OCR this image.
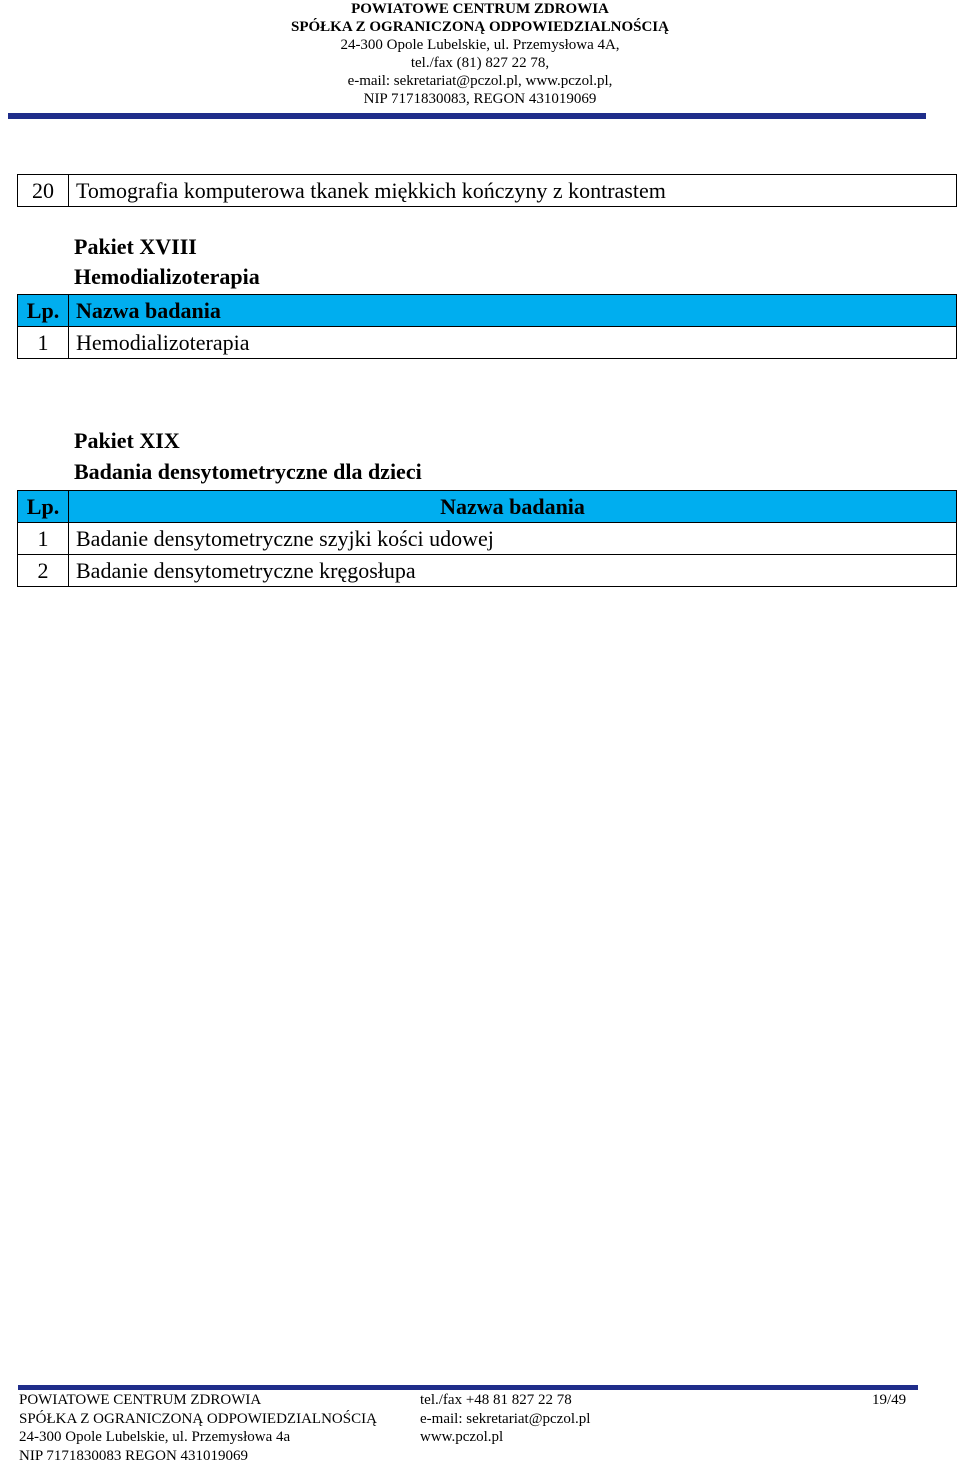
POWIATOWE CENTRUM ZDROWIA
SPÓŁKA Z OGRANICZONĄ ODPOWIEDZIALNOŚCIĄ
24-300 Opole Lubelskie, ul. Przemysłowa 4A,
tel./fax (81) 827 22 78,
e-mail: sekretariat@pczol.pl, www.pczol.pl,
NIP 7171830083, REGON 431019069
20	Tomografia komputerowa tkanek miękkich kończyny z kontrastem
Pakiet XVIII
Hemodializoterapia
Lp.	Nazwa badania
1	Hemodializoterapia
Pakiet XIX
Badania densytometryczne dla dzieci
Lp.	Nazwa badania
1	Badanie densytometryczne szyjki kości udowej
2	Badanie densytometryczne kręgosłupa
POWIATOWE CENTRUM ZDROWIA
SPÓŁKA Z OGRANICZONĄ ODPOWIEDZIALNOŚCIĄ
24-300 Opole Lubelskie, ul. Przemysłowa 4a
NIP 7171830083 REGON 431019069
tel./fax +48 81 827 22 78
e-mail: sekretariat@pczol.pl
www.pczol.pl
19/49
